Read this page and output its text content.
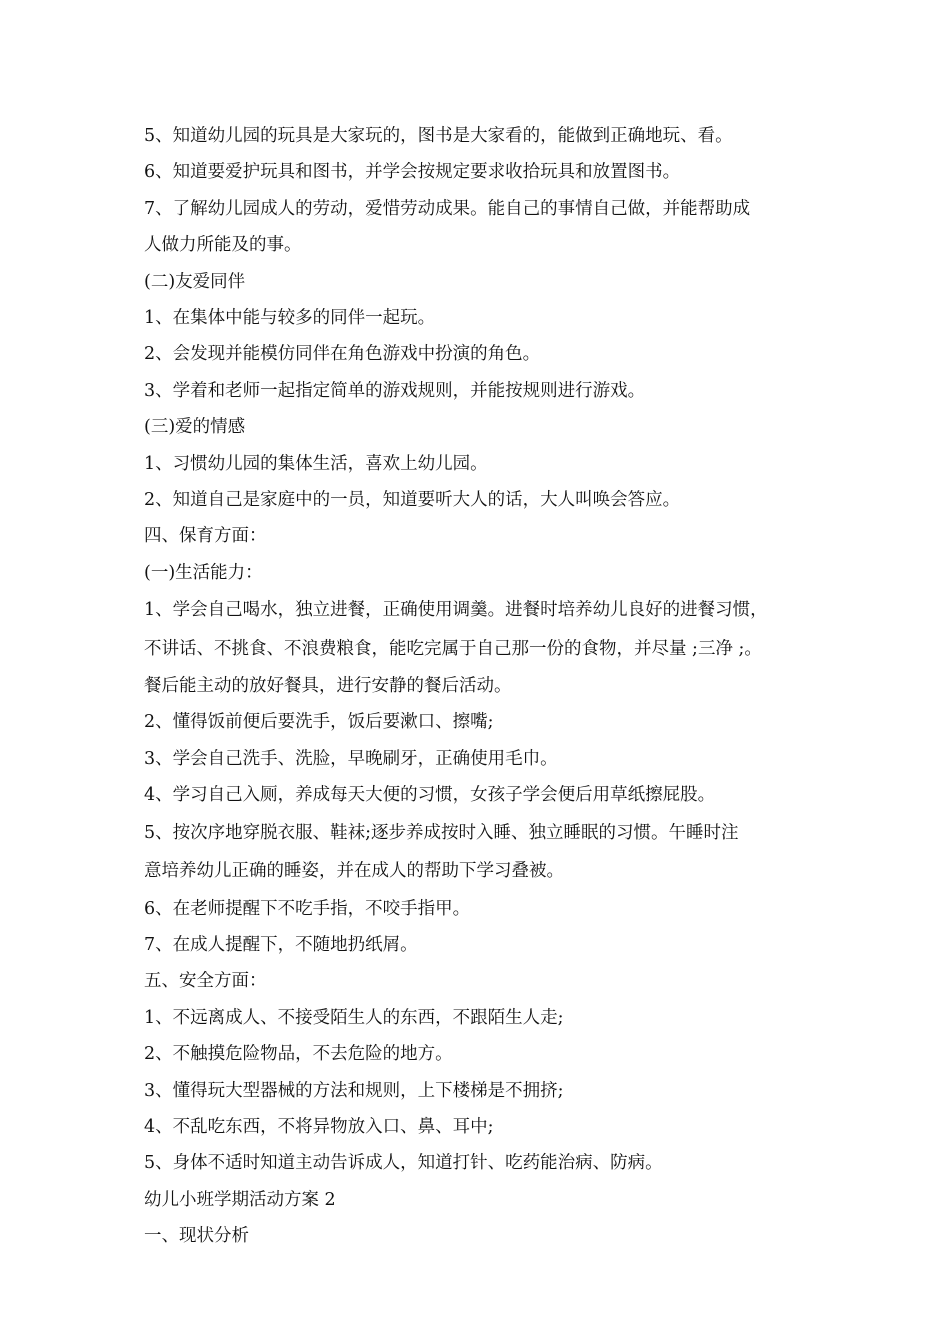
5、知道幼儿园的玩具是大家玩的，图书是大家看的，能做到正确地玩、看。

6、知道要爱护玩具和图书，并学会按规定要求收拾玩具和放置图书。

7、了解幼儿园成人的劳动，爱惜劳动成果。能自己的事情自己做，并能帮助成

人做力所能及的事。

(二)友爱同伴

1、在集体中能与较多的同伴一起玩。

2、会发现并能模仿同伴在角色游戏中扮演的角色。

3、学着和老师一起指定简单的游戏规则，并能按规则进行游戏。

(三)爱的情感

1、习惯幼儿园的集体生活，喜欢上幼儿园。

2、知道自己是家庭中的一员，知道要听大人的话，大人叫唤会答应。

四、保育方面：

(一)生活能力：

1、学会自己喝水，独立进餐，正确使用调羹。进餐时培养幼儿良好的进餐习惯，

不讲话、不挑食、不浪费粮食，能吃完属于自己那一份的食物，并尽量 ;三净 ;。

餐后能主动的放好餐具，进行安静的餐后活动。

2、懂得饭前便后要洗手，饭后要漱口、擦嘴;

3、学会自己洗手、洗脸，早晚刷牙，正确使用毛巾。

4、学习自己入厕，养成每天大便的习惯，女孩子学会便后用草纸擦屁股。

5、按次序地穿脱衣服、鞋袜;逐步养成按时入睡、独立睡眠的习惯。午睡时注

意培养幼儿正确的睡姿，并在成人的帮助下学习叠被。

6、在老师提醒下不吃手指，不咬手指甲。

7、在成人提醒下，不随地扔纸屑。

五、安全方面：

1、不远离成人、不接受陌生人的东西，不跟陌生人走;

2、不触摸危险物品，不去危险的地方。

3、懂得玩大型器械的方法和规则，上下楼梯是不拥挤;

4、不乱吃东西，不将异物放入口、鼻、耳中;

5、身体不适时知道主动告诉成人，知道打针、吃药能治病、防病。

幼儿小班学期活动方案 2

一、现状分析
